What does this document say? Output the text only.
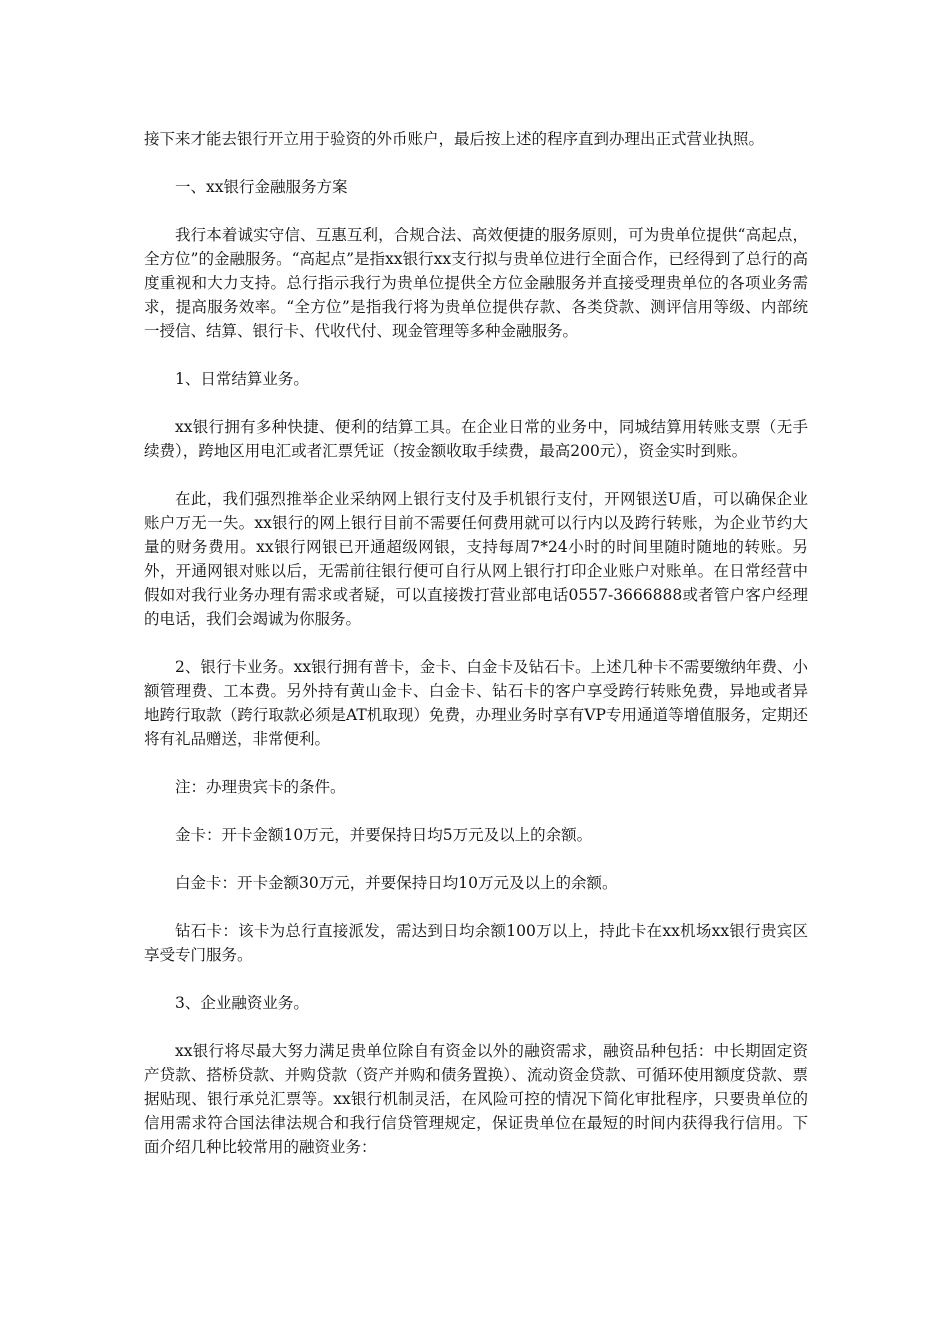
接下来才能去银行开立用于验资的外币账户，最后按上述的程序直到办理出正式营业执照。

一、xx银行金融服务方案

我行本着诚实守信、互惠互利，合规合法、高效便捷的服务原则，可为贵单位提供“高起点，全方位”的金融服务。“高起点”是指xx银行xx支行拟与贵单位进行全面合作，已经得到了总行的高度重视和大力支持。总行指示我行为贵单位提供全方位金融服务并直接受理贵单位的各项业务需求，提高服务效率。“全方位”是指我行将为贵单位提供存款、各类贷款、测评信用等级、内部统一授信、结算、银行卡、代收代付、现金管理等多种金融服务。

1、日常结算业务。

xx银行拥有多种快捷、便利的结算工具。在企业日常的业务中，同城结算用转账支票（无手续费），跨地区用电汇或者汇票凭证（按金额收取手续费，最高200元），资金实时到账。

在此，我们强烈推举企业采纳网上银行支付及手机银行支付，开网银送U盾，可以确保企业账户万无一失。xx银行的网上银行目前不需要任何费用就可以行内以及跨行转账，为企业节约大量的财务费用。xx银行网银已开通超级网银，支持每周7*24小时的时间里随时随地的转账。另外，开通网银对账以后，无需前往银行便可自行从网上银行打印企业账户对账单。在日常经营中假如对我行业务办理有需求或者疑，可以直接拨打营业部电话0557-3666888或者管户客户经理的电话，我们会竭诚为你服务。

2、银行卡业务。xx银行拥有普卡，金卡、白金卡及钻石卡。上述几种卡不需要缴纳年费、小额管理费、工本费。另外持有黄山金卡、白金卡、钻石卡的客户享受跨行转账免费，异地或者异地跨行取款（跨行取款必须是AT机取现）免费，办理业务时享有VP专用通道等增值服务，定期还将有礼品赠送，非常便利。

注：办理贵宾卡的条件。

金卡：开卡金额10万元，并要保持日均5万元及以上的余额。

白金卡：开卡金额30万元，并要保持日均10万元及以上的余额。

钻石卡：该卡为总行直接派发，需达到日均余额100万以上，持此卡在xx机场xx银行贵宾区享受专门服务。

3、企业融资业务。

xx银行将尽最大努力满足贵单位除自有资金以外的融资需求，融资品种包括：中长期固定资产贷款、搭桥贷款、并购贷款（资产并购和债务置换）、流动资金贷款、可循环使用额度贷款、票据贴现、银行承兑汇票等。xx银行机制灵活，在风险可控的情况下简化审批程序，只要贵单位的信用需求符合国法律法规合和我行信贷管理规定，保证贵单位在最短的时间内获得我行信用。下面介绍几种比较常用的融资业务：
